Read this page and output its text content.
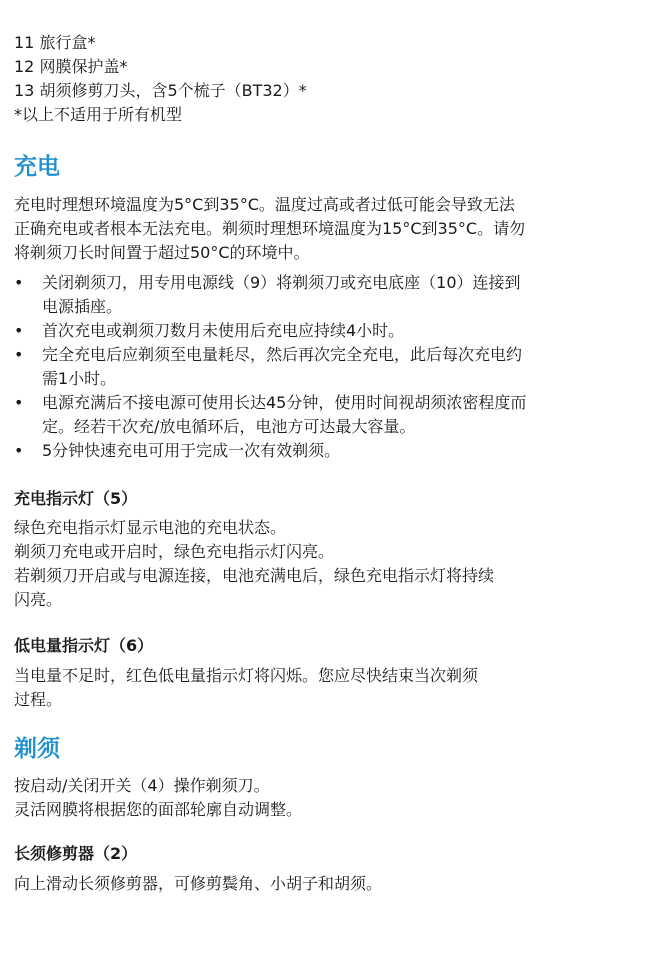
11 旅行盒*
12 网膜保护盖*
13 胡须修剪刀头，含5个梳子（BT32）*
*以上不适用于所有机型
充电
充电时理想环境温度为5°C到35°C。温度过高或者过低可能会导致无法
正确充电或者根本无法充电。剃须时理想环境温度为15°C到35°C。请勿
将剃须刀长时间置于超过50°C的环境中。
• 关闭剃须刀，用专用电源线（9）将剃须刀或充电底座（10）连接到
电源插座。
• 首次充电或剃须刀数月未使用后充电应持续4小时。
• 完全充电后应剃须至电量耗尽，然后再次完全充电，此后每次充电约
需1小时。
• 电源充满后不接电源可使用长达45分钟，使用时间视胡须浓密程度而
定。经若干次充/放电循环后，电池方可达最大容量。
• 5分钟快速充电可用于完成一次有效剃须。
充电指示灯（5）
绿色充电指示灯显示电池的充电状态。
剃须刀充电或开启时，绿色充电指示灯闪亮。
若剃须刀开启或与电源连接，电池充满电后，绿色充电指示灯将持续
闪亮。
低电量指示灯（6）
当电量不足时，红色低电量指示灯将闪烁。您应尽快结束当次剃须
过程。
剃须
按启动/关闭开关（4）操作剃须刀。
灵活网膜将根据您的面部轮廓自动调整。
长须修剪器（2）
向上滑动长须修剪器，可修剪鬓角、小胡子和胡须。
